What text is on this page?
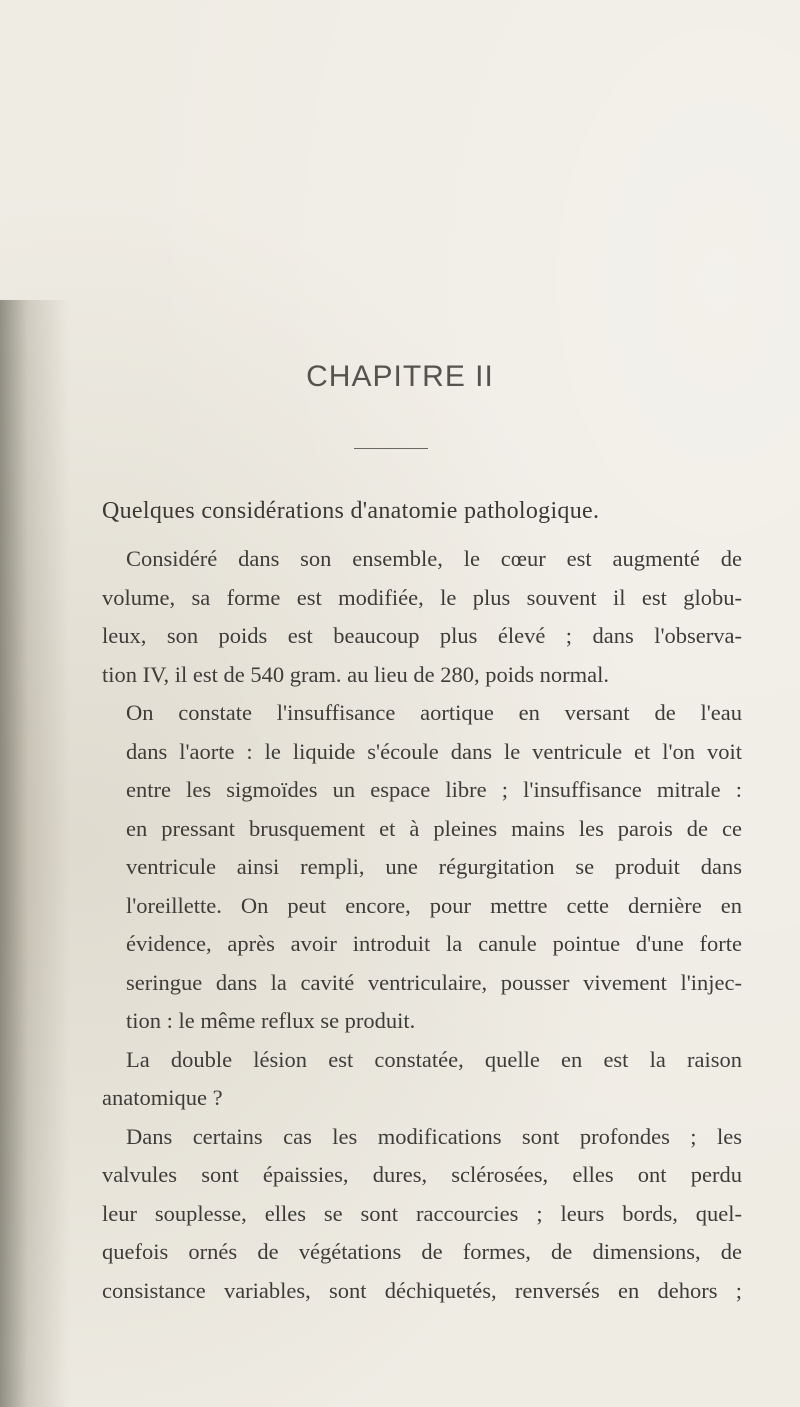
CHAPITRE II
Quelques considérations d'anatomie pathologique.
Considéré dans son ensemble, le cœur est augmenté de
volume, sa forme est modifiée, le plus souvent il est globu-
leux, son poids est beaucoup plus élevé ; dans l'observa-
tion IV, il est de 540 gram. au lieu de 280, poids normal.
On constate l'insuffisance aortique en versant de l'eau
dans l'aorte : le liquide s'écoule dans le ventricule et l'on voit
entre les sigmoïdes un espace libre ; l'insuffisance mitrale :
en pressant brusquement et à pleines mains les parois de ce
ventricule ainsi rempli, une régurgitation se produit dans
l'oreillette. On peut encore, pour mettre cette dernière en
évidence, après avoir introduit la canule pointue d'une forte
seringue dans la cavité ventriculaire, pousser vivement l'injec-
tion : le même reflux se produit.
La double lésion est constatée, quelle en est la raison
anatomique ?
Dans certains cas les modifications sont profondes ; les
valvules sont épaissies, dures, sclérosées, elles ont perdu
leur souplesse, elles se sont raccourcies ; leurs bords, quel-
quefois ornés de végétations de formes, de dimensions, de
consistance variables, sont déchiquetés, renversés en dehors ;
